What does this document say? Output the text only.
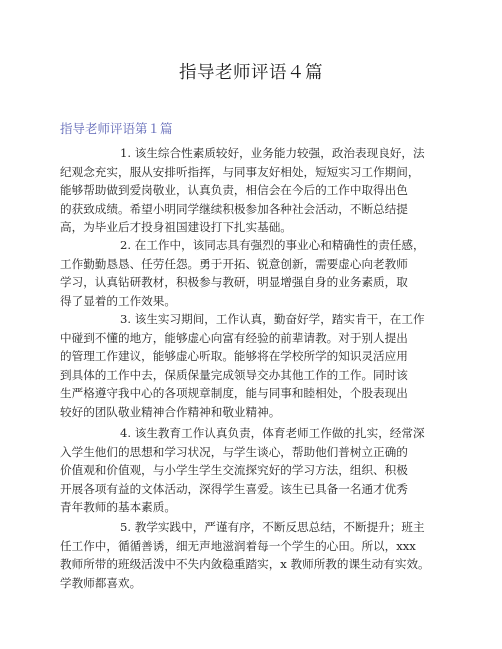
指导老师评语４篇
指导老师评语第１篇

1. 该生综合性素质较好，业务能力较强，政治表现良好，法
纪观念充实，服从安排听指挥，与同事友好相处，短短实习工作期间，
能够帮助做到爱岗敬业，认真负责，相信会在今后的工作中取得出色
的获致成绩。希望小明同学继续积极参加各种社会活动，不断总结提
高，为毕业后才投身祖国建设打下扎实基础。

2. 在工作中，该同志具有强烈的事业心和精确性的责任感，
工作勤勤恳恳、任劳任怨。勇于开拓、锐意创新，需要虚心向老教师
学习，认真钻研教材，积极参与教研，明显增强自身的业务素质，取
得了显着的工作效果。

3. 该生实习期间，工作认真，勤奋好学，踏实肯干，在工作
中碰到不懂的地方，能够虚心向富有经验的前辈请教。对于别人提出
的管理工作建议，能够虚心听取。能够将在学校所学的知识灵活应用
到具体的工作中去，保质保量完成领导交办其他工作的工作。同时该
生严格遵守我中心的各项规章制度，能与同事和睦相处，个股表现出
较好的团队敬业精神合作精神和敬业精神。

4. 该生教育工作认真负责，体育老师工作做的扎实，经常深
入学生他们的思想和学习状况，与学生谈心，帮助他们普树立正确的
价值观和价值观，与小学生学生交流探究好的学习方法，组织、积极
开展各项有益的文体活动，深得学生喜爱。该生已具备一名通才优秀
青年教师的基本素质。

5. 教学实践中，严谨有序，不断反思总结，不断提升；班主
任工作中，循循善诱，细无声地滋润着每一个学生的心田。所以，xxx
教师所带的班级活泼中不失内敛稳重踏实，x 教师所教的课生动有实效。
学教师都喜欢。
